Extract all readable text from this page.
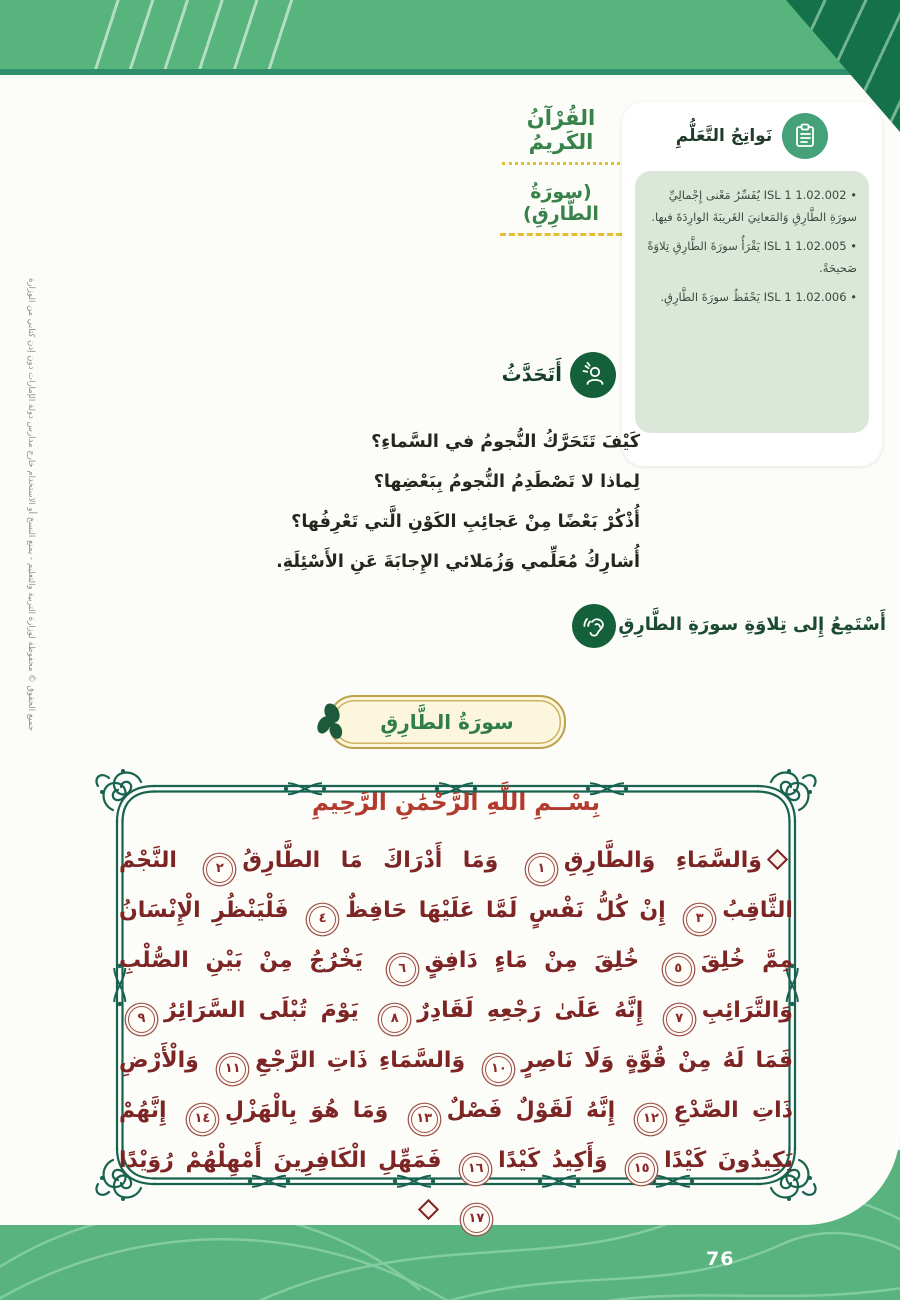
76
جميع الحقوق © محفوظة لوزارة التربية والتعليم - يمنع النسخ أو الاستخدام خارج مدارس دولة الإمارات دون إذن كتابي من الوزارة
القُرْآنُ الكَريمُ
(سورَةُ الطَّارِقِ)
نَواتِجُ التَّعَلُّمِ
• ISL 1 1.02.002 يُفَسِّرُ مَعْنى إِجْمالِيِّ سورَةِ الطَّارِقِ وَالمَعانِيَ الغَريبَةَ الوارِدَةَ فيها.
• ISL 1 1.02.005 يَقْرَأُ سورَةَ الطَّارِقِ تِلاوَةً صَحيحَةً.
• ISL 1 1.02.006 يَحْفَظُ سورَةَ الطَّارِقِ.
أَتَحَدَّثُ
كَيْفَ تَتَحَرَّكُ النُّجومُ في السَّماءِ؟
لِماذا لا تَصْطَدِمُ النُّجومُ بِبَعْضِها؟
أُذْكُرْ بَعْضًا مِنْ عَجائِبِ الكَوْنِ الَّتي تَعْرِفُها؟
أُشارِكُ مُعَلِّمي وَزُمَلائي الإِجابَةَ عَنِ الأَسْئِلَةِ.
أَسْتَمِعُ إِلى تِلاوَةِ سورَةِ الطَّارِقِ
سورَةُ الطَّارِقِ
بِسْــمِ اللَّهِ الرَّحْمَٰنِ الرَّحِيمِ
وَالسَّمَاءِ وَالطَّارِقِ١ وَمَا أَدْرَاكَ مَا الطَّارِقُ٢ النَّجْمُ الثَّاقِبُ٣ إِنْ كُلُّ نَفْسٍ لَمَّا عَلَيْهَا حَافِظٌ٤ فَلْيَنْظُرِ الْإِنْسَانُ مِمَّ خُلِقَ٥ خُلِقَ مِنْ مَاءٍ دَافِقٍ٦ يَخْرُجُ مِنْ بَيْنِ الصُّلْبِ وَالتَّرَائِبِ٧ إِنَّهُ عَلَىٰ رَجْعِهِ لَقَادِرٌ٨ يَوْمَ تُبْلَى السَّرَائِرُ٩ فَمَا لَهُ مِنْ قُوَّةٍ وَلَا نَاصِرٍ١٠ وَالسَّمَاءِ ذَاتِ الرَّجْعِ١١ وَالْأَرْضِ ذَاتِ الصَّدْعِ١٢ إِنَّهُ لَقَوْلٌ فَصْلٌ١٣ وَمَا هُوَ بِالْهَزْلِ١٤ إِنَّهُمْ يَكِيدُونَ كَيْدًا١٥ وَأَكِيدُ كَيْدًا١٦ فَمَهِّلِ الْكَافِرِينَ أَمْهِلْهُمْ رُوَيْدًا١٧
